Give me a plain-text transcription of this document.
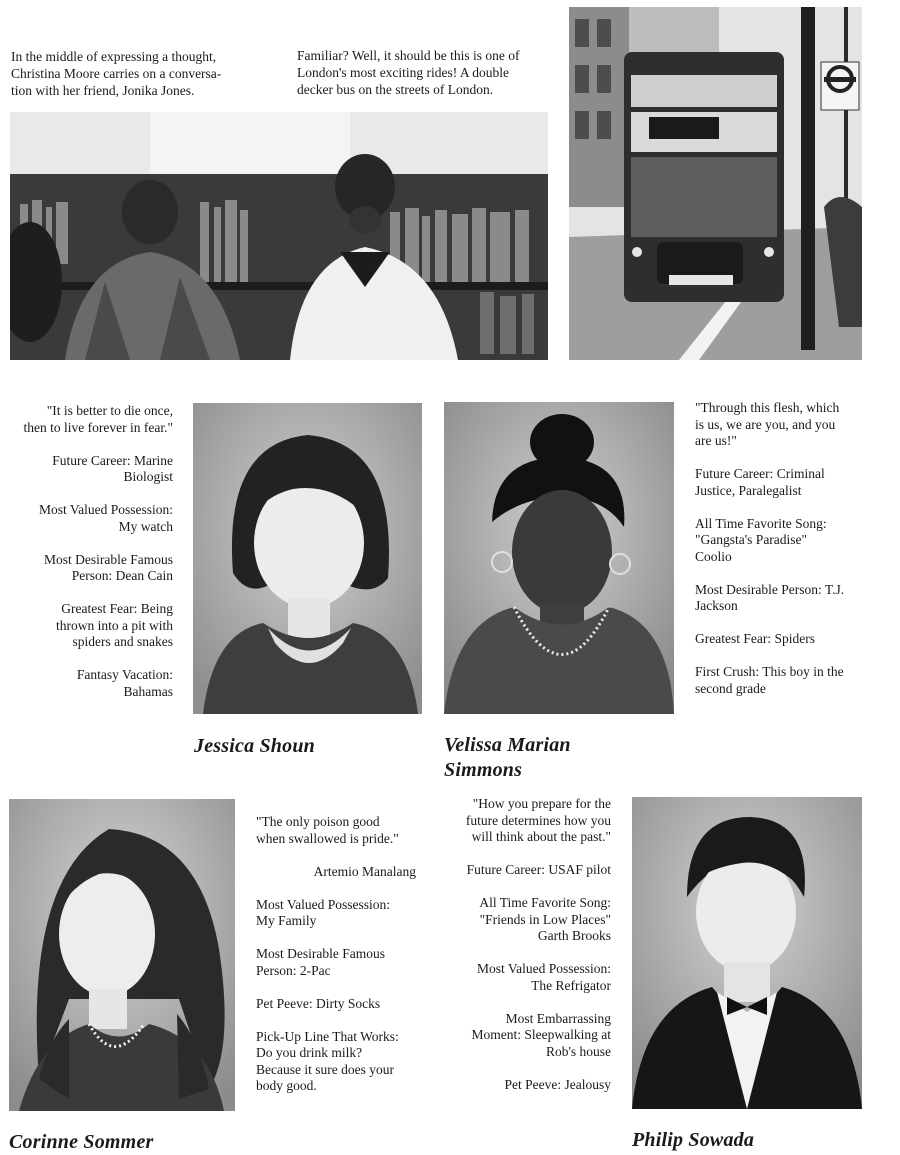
In the middle of expressing a thought,
Christina Moore carries on a conversa-
tion with her friend, Jonika Jones.
Familiar? Well, it should be this is one of
London's most exciting rides! A double
decker bus on the streets of London.

"It is better to die once,
then to live forever in fear."

Future Career: Marine
Biologist

Most Valued Possession:
My watch

Most Desirable Famous
Person: Dean Cain

Greatest Fear: Being
thrown into a pit with
spiders and snakes

Fantasy Vacation:
Bahamas

"Through this flesh, which
is us, we are you, and you
are us!"

Future Career: Criminal
Justice, Paralegalist

All Time Favorite Song:
"Gangsta's Paradise"
Coolio

Most Desirable Person: T.J.
Jackson

Greatest Fear: Spiders

First Crush: This boy in the
second grade

Jessica Shoun	Velissa Marian
Simmons

"The only poison good
when swallowed is pride."

Artemio Manalang

Most Valued Possession:
My Family

Most Desirable Famous
Person: 2-Pac

Pet Peeve: Dirty Socks

Pick-Up Line That Works:
Do you drink milk?
Because it sure does your
body good.

"How you prepare for the
future determines how you
will think about the past."

Future Career: USAF pilot

All Time Favorite Song:
"Friends in Low Places"
Garth Brooks

Most Valued Possession:
The Refrigator

Most Embarrassing
Moment: Sleepwalking at
Rob's house

Pet Peeve: Jealousy

Corinne Sommer	Philip Sowada
